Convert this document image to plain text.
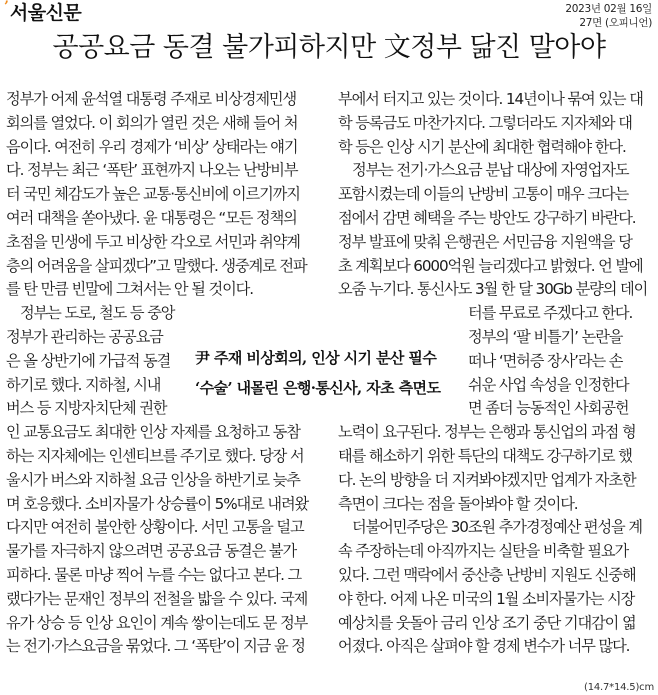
’ 서울신문	2023년 02월 16일
27면 (오피니언)
공공요금 동결 불가피하지만 文정부 닮진 말아야
정부가 어제 윤석열 대통령 주재로 비상경제민생
회의를 열었다. 이 회의가 열린 것은 새해 들어 처
음이다. 여전히 우리 경제가 ‘비상’ 상태라는 얘기
다. 정부는 최근 ‘폭탄’ 표현까지 나오는 난방비부
터 국민 체감도가 높은 교통·통신비에 이르기까지
여러 대책을 쏟아냈다. 윤 대통령은 “모든 정책의
초점을 민생에 두고 비상한 각오로 서민과 취약계
층의 어려움을 살피겠다”고 말했다. 생중계로 전파
를 탄 만큼 빈말에 그쳐서는 안 될 것이다.
정부는 도로, 철도 등 중앙
정부가 관리하는 공공요금
은 올 상반기에 가급적 동결
하기로 했다. 지하철, 시내
버스 등 지방자치단체 권한
인 교통요금도 최대한 인상 자제를 요청하고 동참
하는 지자체에는 인센티브를 주기로 했다. 당장 서
울시가 버스와 지하철 요금 인상을 하반기로 늦추
며 호응했다. 소비자물가 상승률이 5%대로 내려왔
다지만 여전히 불안한 상황이다. 서민 고통을 덜고
물가를 자극하지 않으려면 공공요금 동결은 불가
피하다. 물론 마냥 찍어 누를 수는 없다고 본다. 그
랬다가는 문재인 정부의 전철을 밟을 수 있다. 국제
유가 상승 등 인상 요인이 계속 쌓이는데도 문 정부
는 전기·가스요금을 묶었다. 그 ‘폭탄’이 지금 윤 정
부에서 터지고 있는 것이다. 14년이나 묶여 있는 대
학 등록금도 마찬가지다. 그렇더라도 지자체와 대
학 등은 인상 시기 분산에 최대한 협력해야 한다.
정부는 전기·가스요금 분납 대상에 자영업자도
포함시켰는데 이들의 난방비 고통이 매우 크다는
점에서 감면 혜택을 주는 방안도 강구하기 바란다.
정부 발표에 맞춰 은행권은 서민금융 지원액을 당
초 계획보다 6000억원 늘리겠다고 밝혔다. 언 발에
오줌 누기다. 통신사도 3월 한 달 30Gb 분량의 데이
터를 무료로 주겠다고 한다.
정부의 ‘팔 비틀기’ 논란을
떠나 ‘면허증 장사’라는 손
쉬운 사업 속성을 인정한다
면 좀더 능동적인 사회공헌
노력이 요구된다. 정부는 은행과 통신업의 과점 형
태를 해소하기 위한 특단의 대책도 강구하기로 했
다. 논의 방향을 더 지켜봐야겠지만 업계가 자초한
측면이 크다는 점을 돌아봐야 할 것이다.
더불어민주당은 30조원 추가경정예산 편성을 계
속 주장하는데 아직까지는 실탄을 비축할 필요가
있다. 그런 맥락에서 중산층 난방비 지원도 신중해
야 한다. 어제 나온 미국의 1월 소비자물가는 시장
예상치를 웃돌아 금리 인상 조기 중단 기대감이 엷
어졌다. 아직은 살펴야 할 경제 변수가 너무 많다.
尹 주재 비상회의, 인상 시기 분산 필수
‘수술’ 내몰린 은행·통신사, 자초 측면도
(14.7*14.5)cm
